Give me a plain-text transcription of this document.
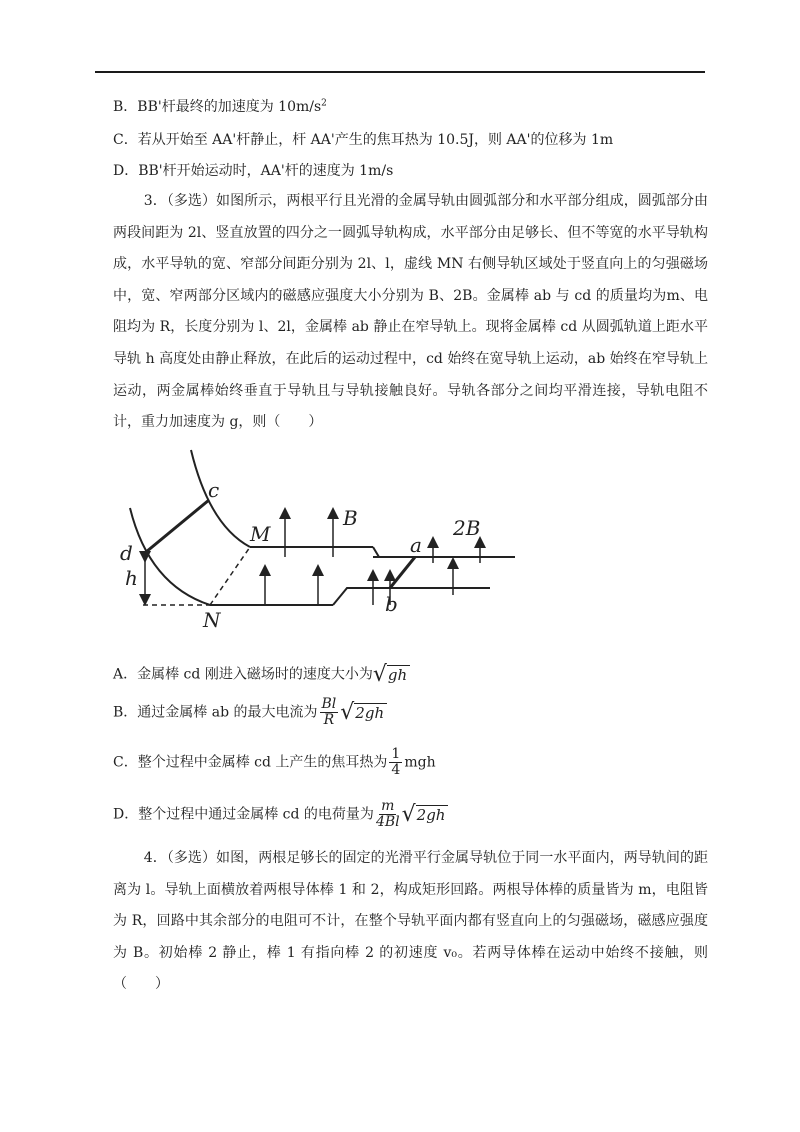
B．BB'杆最终的加速度为 $10m/s^2$
C．若从开始至 AA'杆静止，杆 AA'产生的焦耳热为 10.5J，则 AA'的位移为 1m
D．BB'杆开始运动时，AA'杆的速度为 1m/s
3．（多选）如图所示，两根平行且光滑的金属导轨由圆弧部分和水平部分组成，圆弧部分由两段间距为 2l、竖直放置的四分之一圆弧导轨构成，水平部分由足够长、但不等宽的水平导轨构成，水平导轨的宽、窄部分间距分别为 2l、l，虚线 MN 右侧导轨区域处于竖直向上的匀强磁场中，宽、窄两部分区域内的磁感应强度大小分别为 B、2B。金属棒 ab 与 cd 的质量均为m、电阻均为 R，长度分别为 l、2l，金属棒 ab 静止在窄导轨上。现将金属棒 cd 从圆弧轨道上距水平导轨 h 高度处由静止释放，在此后的运动过程中，cd 始终在宽导轨上运动，ab 始终在窄导轨上运动，两金属棒始终垂直于导轨且与导轨接触良好。导轨各部分之间均平滑连接，导轨电阻不计，重力加速度为 g，则（　　）
c
d
h
M
N
B	2B
a
b
A．金属棒 cd 刚进入磁场时的速度大小为√gh
B．通过金属棒 ab 的最大电流为 $\frac{Bl}{R} √2gh$
C．整个过程中金属棒 cd 上产生的焦耳热为 $\frac{1}{4}$ mgh
D．整个过程中通过金属棒 cd 的电荷量为 $\frac{m}{4Bl} √2gh$
4．（多选）如图，两根足够长的固定的光滑平行金属导轨位于同一水平面内，两导轨间的距离为 l。导轨上面横放着两根导体棒 1 和 2，构成矩形回路。两根导体棒的质量皆为 m，电阻皆为 R，回路中其余部分的电阻可不计，在整个导轨平面内都有竖直向上的匀强磁场，磁感应强度为 B。初始棒 2 静止，棒 1 有指向棒 2 的初速度 v₀。若两导体棒在运动中始终不接触，则（　　）
